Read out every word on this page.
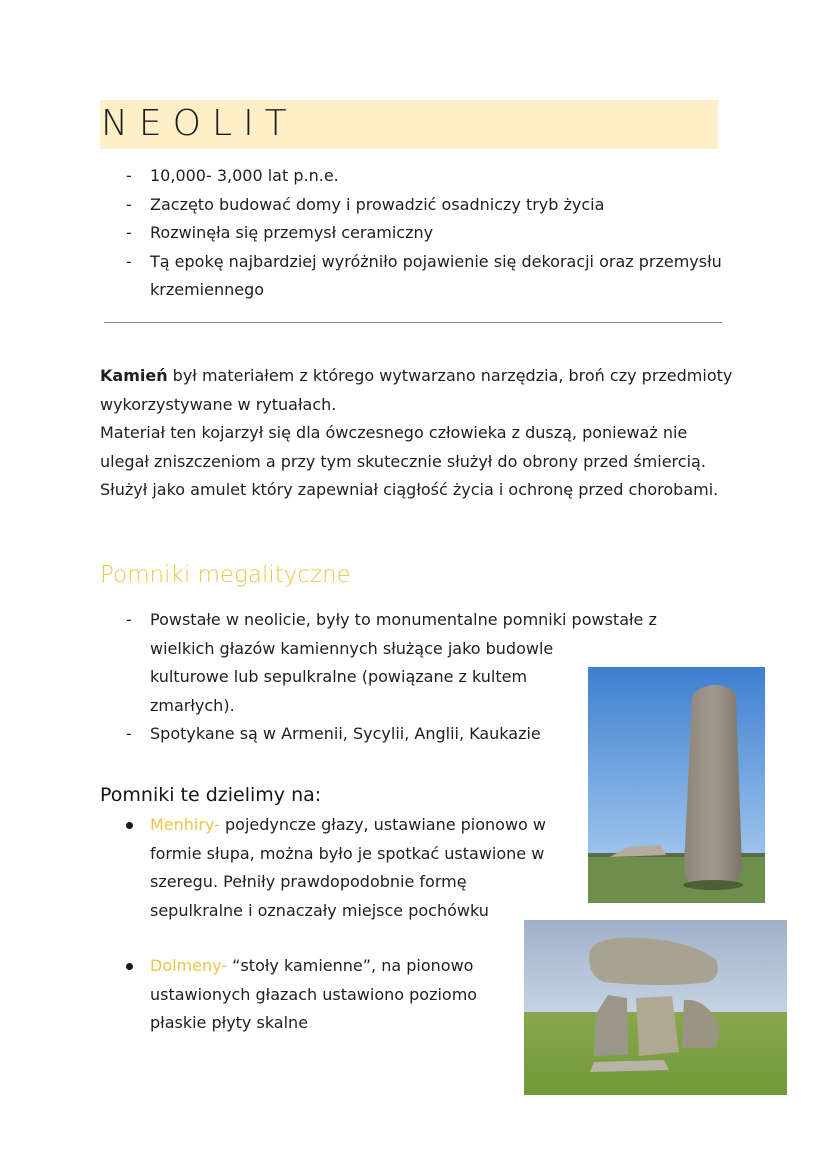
NEOLIT
-	10,000- 3,000 lat p.n.e.
-	Zaczęto budować domy i prowadzić osadniczy tryb życia
-	Rozwinęła się przemysł ceramiczny
-	Tą epokę najbardziej wyróżniło pojawienie się dekoracji oraz przemysłu krzemiennego
Kamień był materiałem z którego wytwarzano narzędzia, broń czy przedmioty wykorzystywane w rytuałach.
Materiał ten kojarzył się dla ówczesnego człowieka z duszą, ponieważ nie ulegał zniszczeniom a przy tym skutecznie służył do obrony przed śmiercią.
Służył jako amulet który zapewniał ciągłość życia i ochronę przed chorobami.
Pomniki megalityczne
-	Powstałe w neolicie, były to monumentalne pomniki powstałe z
wielkich głazów kamiennych służące jako budowle kulturowe lub sepulkralne (powiązane z kultem zmarłych).
-	Spotykane są w Armenii, Sycylii, Anglii, Kaukazie
Pomniki te dzielimy na:
Menhiry- pojedyncze głazy, ustawiane pionowo w formie słupa, można było je spotkać ustawione w szeregu. Pełniły prawdopodobnie formę sepulkralne i oznaczały miejsce pochówku
Dolmeny- “stoły kamienne”, na pionowo ustawionych głazach ustawiono poziomo płaskie płyty skalne
